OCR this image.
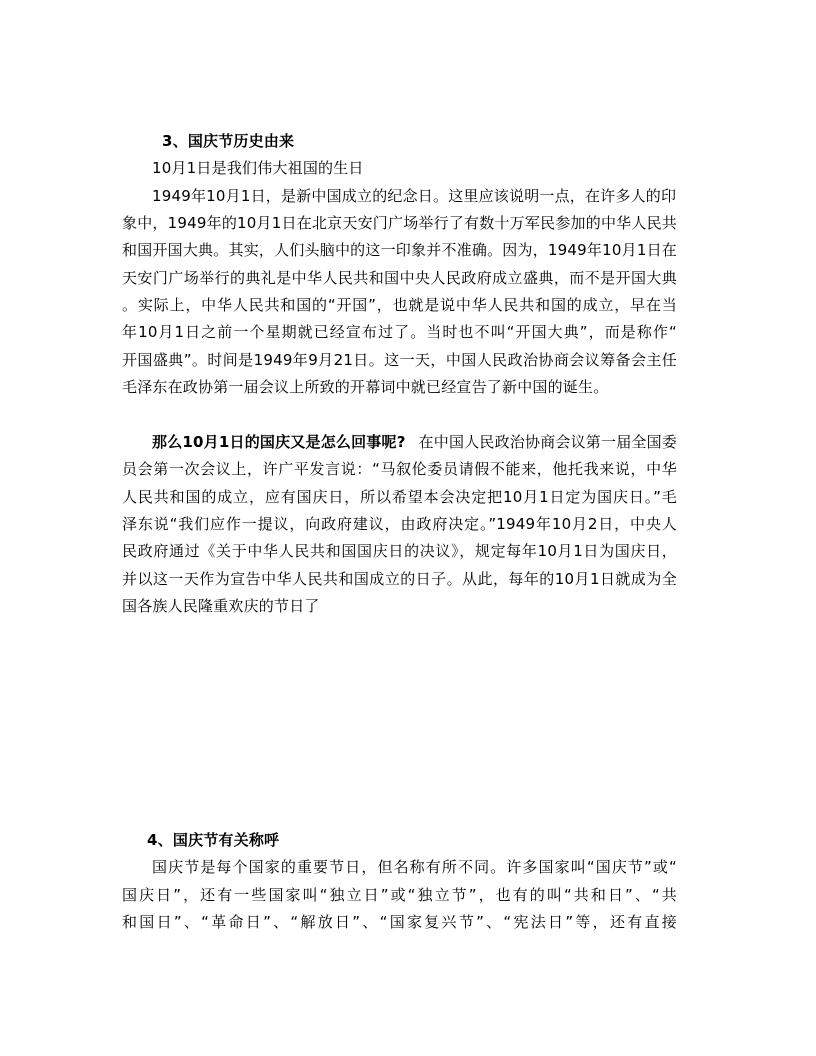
3、国庆节历史由来
10月1日是我们伟大祖国的生日
1949年10月1日，是新中国成立的纪念日。这里应该说明一点，在许多人的印
象中，1949年的10月1日在北京天安门广场举行了有数十万军民参加的中华人民共
和国开国大典。其实，人们头脑中的这一印象并不准确。因为，1949年10月1日在
天安门广场举行的典礼是中华人民共和国中央人民政府成立盛典，而不是开国大典
。实际上，中华人民共和国的“开国”，也就是说中华人民共和国的成立，早在当
年10月1日之前一个星期就已经宣布过了。当时也不叫“开国大典”，而是称作“
开国盛典”。时间是1949年9月21日。这一天，中国人民政治协商会议筹备会主任
毛泽东在政协第一届会议上所致的开幕词中就已经宣告了新中国的诞生。
那么10月1日的国庆又是怎么回事呢? 在中国人民政治协商会议第一届全国委
员会第一次会议上，许广平发言说：“马叙伦委员请假不能来，他托我来说，中华
人民共和国的成立，应有国庆日，所以希望本会决定把10月1日定为国庆日。”毛
泽东说“我们应作一提议，向政府建议，由政府决定。”1949年10月2日，中央人
民政府通过《关于中华人民共和国国庆日的决议》，规定每年10月1日为国庆日，
并以这一天作为宣告中华人民共和国成立的日子。从此，每年的10月1日就成为全
国各族人民隆重欢庆的节日了
4、国庆节有关称呼
国庆节是每个国家的重要节日，但名称有所不同。许多国家叫“国庆节”或“
国庆日”，还有一些国家叫“独立日”或“独立节”，也有的叫“共和日”、“共
和国日”、“革命日”、“解放日”、“国家复兴节”、“宪法日”等，还有直接
